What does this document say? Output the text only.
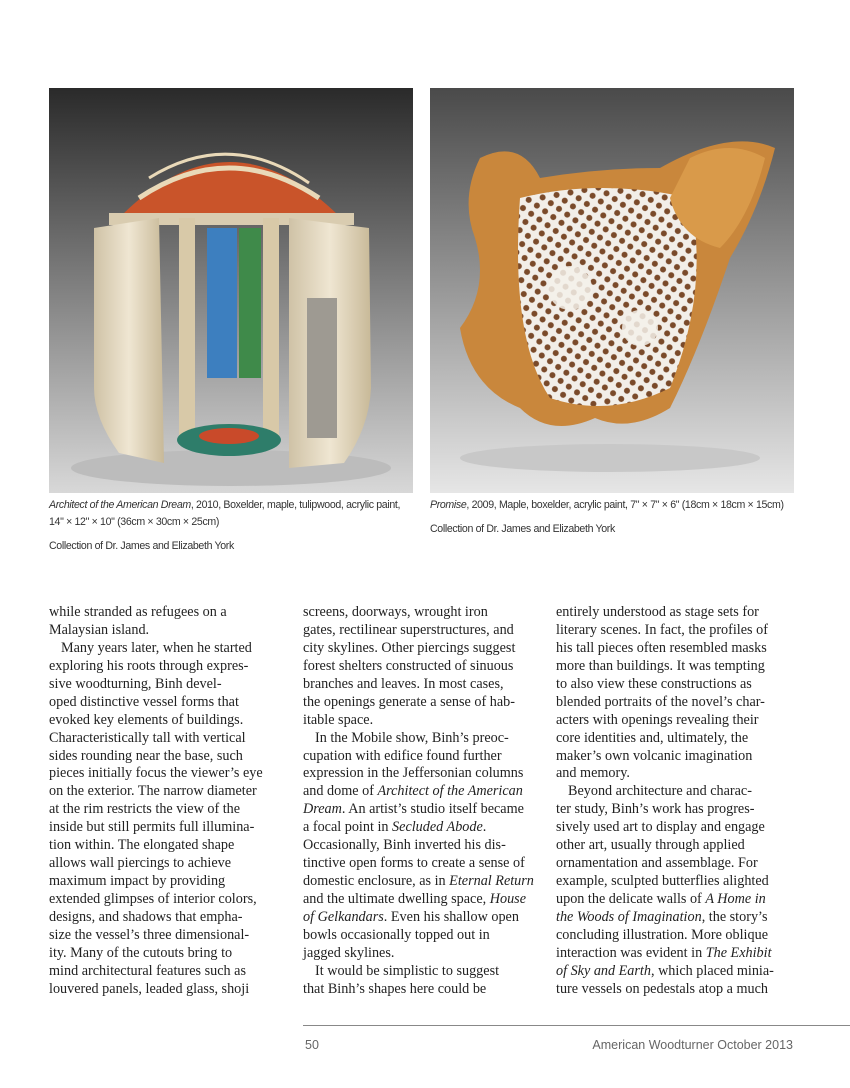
Architect of the American Dream, 2010, Boxelder, maple, tulipwood, acrylic paint,
14" × 12" × 10" (36cm × 30cm × 25cm)
Collection of Dr. James and Elizabeth York
Promise, 2009, Maple, boxelder, acrylic paint, 7" × 7" × 6" (18cm × 18cm × 15cm)
Collection of Dr. James and Elizabeth York
while stranded as refugees on a
Malaysian island.
Many years later, when he started
exploring his roots through expres-
sive woodturning, Binh devel-
oped distinctive vessel forms that
evoked key elements of buildings.
Characteristically tall with vertical
sides rounding near the base, such
pieces initially focus the viewer’s eye
on the exterior. The narrow diameter
at the rim restricts the view of the
inside but still permits full illumina-
tion within. The elongated shape
allows wall piercings to achieve
maximum impact by providing
extended glimpses of interior colors,
designs, and shadows that empha-
size the vessel’s three dimensional-
ity. Many of the cutouts bring to
mind architectural features such as
louvered panels, leaded glass, shoji
screens, doorways, wrought iron
gates, rectilinear superstructures, and
city skylines. Other piercings suggest
forest shelters constructed of sinuous
branches and leaves. In most cases,
the openings generate a sense of hab-
itable space.
In the Mobile show, Binh’s preoc-
cupation with edifice found further
expression in the Jeffersonian columns
and dome of Architect of the American
Dream. An artist’s studio itself became
a focal point in Secluded Abode.
Occasionally, Binh inverted his dis-
tinctive open forms to create a sense of
domestic enclosure, as in Eternal Return
and the ultimate dwelling space, House
of Gelkandars. Even his shallow open
bowls occasionally topped out in
jagged skylines.
It would be simplistic to suggest
that Binh’s shapes here could be
entirely understood as stage sets for
literary scenes. In fact, the profiles of
his tall pieces often resembled masks
more than buildings. It was tempting
to also view these constructions as
blended portraits of the novel’s char-
acters with openings revealing their
core identities and, ultimately, the
maker’s own volcanic imagination
and memory.
Beyond architecture and charac-
ter study, Binh’s work has progres-
sively used art to display and engage
other art, usually through applied
ornamentation and assemblage. For
example, sculpted butterflies alighted
upon the delicate walls of A Home in
the Woods of Imagination, the story’s
concluding illustration. More oblique
interaction was evident in The Exhibit
of Sky and Earth, which placed minia-
ture vessels on pedestals atop a much
50	American Woodturner October 2013
